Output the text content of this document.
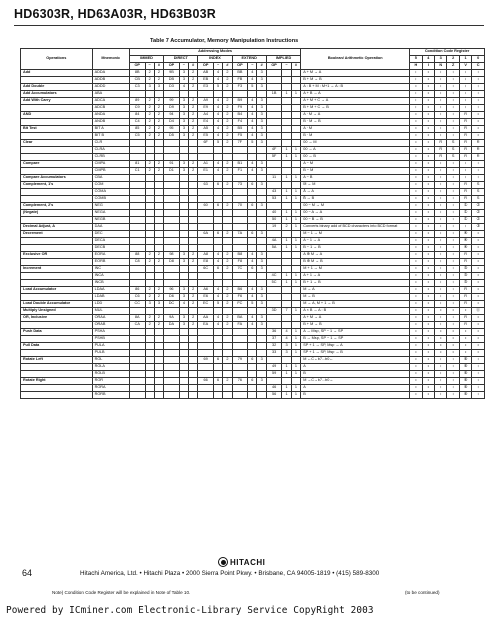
HD6303R, HD63A03R, HD63B03R
Table 7 Accumulator, Memory Manipulation Instructions
Operations	Mnemonic	Addressing Modes															Boolean/ Arithmetic Operation	Condition Code Register					
		IMMED			DIRECT			INDEX			EXTEND			IMPLIED				5	4	3	2	1	0
		OP	~	#	OP	~	#	OP	~	#	OP	~	#	OP	~	#		H	I	N	Z	V	C
Add	ADDA	8B	2	2	9B	3	2	AB	4	2	BB	4	3				A + M → A	↕	•	↕	↕	↕	↕
	ADDB	CB	2	2	DB	3	2	EB	4	2	FB	4	3				B + M → B	↕	•	↕	↕	↕	↕
Add Double	ADDD	C3	3	3	D3	4	2	E3	5	2	F3	5	3				A : B + M : M+1 → A : B	•	•	↕	↕	↕	↕
Add Accumulators	ABA													1B	1	1	A + B → A	↕	•	↕	↕	↕	↕
Add With Carry	ADCA	89	2	2	99	3	2	A9	4	2	B9	4	3				A + M + C → A	↕	•	↕	↕	↕	↕
	ADCB	C9	2	2	D9	3	2	E9	4	2	F9	4	3				B + M + C → B	↕	•	↕	↕	↕	↕
AND	ANDA	84	2	2	94	3	2	A4	4	2	B4	4	3				A · M → A	•	•	↕	↕	R	•
	ANDB	C4	2	2	D4	3	2	E4	4	2	F4	4	3				B · M → B	•	•	↕	↕	R	•
Bit Test	BIT A	85	2	2	95	3	2	A5	4	2	B5	4	3				A · M	•	•	↕	↕	R	•
	BIT B	C5	2	2	D5	3	2	E5	4	2	F5	4	3				B · M	•	•	↕	↕	R	•
Clear	CLR							6F	5	2	7F	5	3				00 → M	•	•	R	S	R	R
	CLRA													4F	1	1	00 → A	•	•	R	S	R	R
	CLRB													5F	1	1	00 → B	•	•	R	S	R	R
Compare	CMPA	81	2	2	91	3	2	A1	4	2	B1	4	3				A − M	•	•	↕	↕	↕	↕
	CMPB	C1	2	2	D1	3	2	E1	4	2	F1	4	3				B − M	•	•	↕	↕	↕	↕
Compare Accumulators	CBA													11	1	1	A − B	•	•	↕	↕	↕	↕
Complement, 1's	COM							63	6	2	73	6	3				M̄ → M	•	•	↕	↕	R	S
	COMA													43	1	1	Ā → A	•	•	↕	↕	R	S
	COMB													53	1	1	B̄ → B	•	•	↕	↕	R	S
Complement, 2's	NEG							60	6	2	70	6	3				00 − M → M	•	•	↕	↕	①	②
(Negate)	NEGA													40	1	1	00 − A → A	•	•	↕	↕	①	②
	NEGB													50	1	1	00 − B → B	•	•	↕	↕	①	②
Decimal Adjust, A	DAA													19	2	1	Converts binary add of BCD characters into BCD format	•	•	↕	↕	↕	③
Decrement	DEC							6A	6	2	7A	6	3				M − 1 → M	•	•	↕	↕	④	•
	DECA													4A	1	1	A − 1 → A	•	•	↕	↕	④	•
	DECB													5A	1	1	B − 1 → B	•	•	↕	↕	④	•
Exclusive OR	EORA	88	2	2	98	3	2	A8	4	2	B8	4	3				A ⊕ M → A	•	•	↕	↕	R	•
	EORB	C8	2	2	D8	3	2	E8	4	2	F8	4	3				B ⊕ M → B	•	•	↕	↕	R	•
Increment	INC							6C	6	2	7C	6	3				M + 1 → M	•	•	↕	↕	⑤	•
	INCA													4C	1	1	A + 1 → A	•	•	↕	↕	⑤	•
	INCB													5C	1	1	B + 1 → B	•	•	↕	↕	⑤	•
Load Accumulator	LDAA	86	2	2	96	3	2	A6	4	2	B6	4	3				M → A	•	•	↕	↕	R	•
	LDAB	C6	2	2	D6	3	2	E6	4	2	F6	4	3				M → B	•	•	↕	↕	R	•
Load Double Accumulator	LDD	CC	3	3	DC	4	2	EC	5	2	FC	5	3				M → A, M + 1 → B	•	•	↕	↕	R	•
Multiply Unsigned	MUL													3D	7	1	A × B → A : B	•	•	•	•	•	⑪
OR, Inclusive	ORAA	8A	2	2	9A	3	2	AA	4	2	BA	4	3				A + M → A	•	•	↕	↕	R	•
	ORAB	CA	2	2	DA	3	2	EA	4	2	FA	4	3				B + M → B	•	•	↕	↕	R	•
Push Data	PSHA													36	4	1	A → Msp, SP − 1 → SP	•	•	•	•	•	•
	PSHB													37	4	1	B → Msp, SP − 1 → SP	•	•	•	•	•	•
Pull Data	PULA													32	3	1	SP + 1 → SP, Msp → A	•	•	•	•	•	•
	PULB													33	3	1	SP + 1 → SP, Msp → B	•	•	•	•	•	•
Rotate Left	ROL							69	6	2	79	6	3				M ←C←b7...b0←	•	•	↕	↕	⑥	↕
	ROLA													49	1	1	A	•	•	↕	↕	⑥	↕
	ROLB													59	1	1	B	•	•	↕	↕	⑥	↕
Rotate Right	ROR							66	6	2	76	6	3				M →C→b7...b0→	•	•	↕	↕	⑥	↕
	RORA													46	1	1	A	•	•	↕	↕	⑥	↕
	RORB													56	1	1	B	•	•	↕	↕	⑥	↕
Note) Condition Code Register will be explained in Note of Table 10.	(to be continued)
HITACHI
64	Hitachi America, Ltd. • Hitachi Plaza • 2000 Sierra Point Pkwy. • Brisbane, CA 94005-1819 • (415) 589-8300
Powered by ICminer.com Electronic-Library Service CopyRight 2003
